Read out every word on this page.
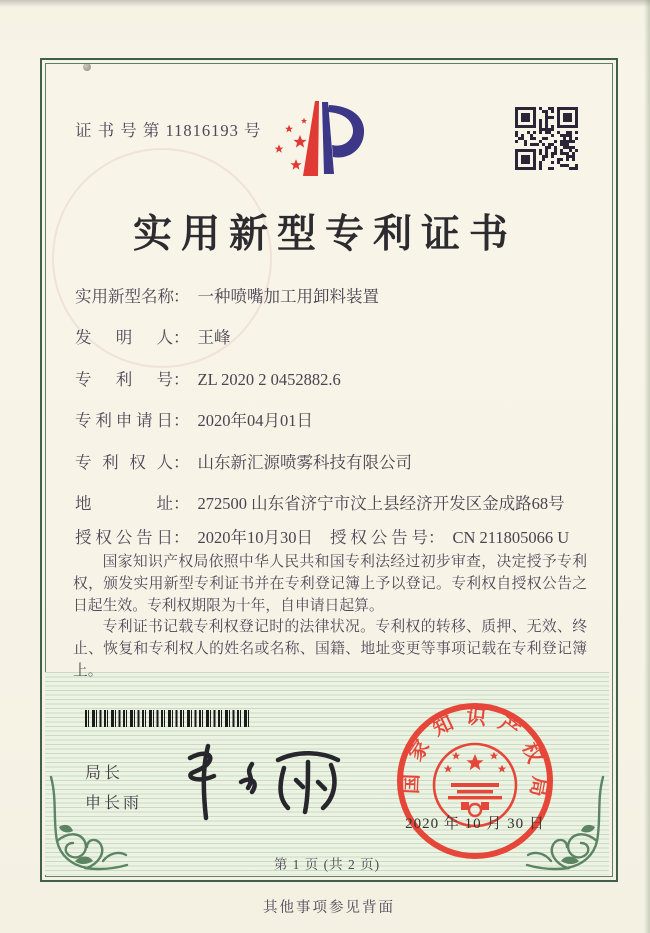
证 书 号 第 11816193 号
实用新型专利证书
实用新型名称： 一种喷嘴加工用卸料装置
发明人： 王峰
专利号： ZL 2020 2 0452882.6
专利申请日： 2020年04月01日
专利权人： 山东新汇源喷雾科技有限公司
地址： 272500 山东省济宁市汶上县经济开发区金成路68号
授权公告日： 2020年10月30日 授权公告号： CN 211805066 U

国家知识产权局依照中华人民共和国专利法经过初步审查，决定授予专利权，颁发实用新型专利证书并在专利登记簿上予以登记。专利权自授权公告之日起生效。专利权期限为十年，自申请日起算。

专利证书记载专利权登记时的法律状况。专利权的转移、质押、无效、终止、恢复和专利权人的姓名或名称、国籍、地址变更等事项记载在专利登记簿上。

局长
申长雨
国家知识产权局
2020 年 10 月 30 日
第 1 页 (共 2 页)
其他事项参见背面
